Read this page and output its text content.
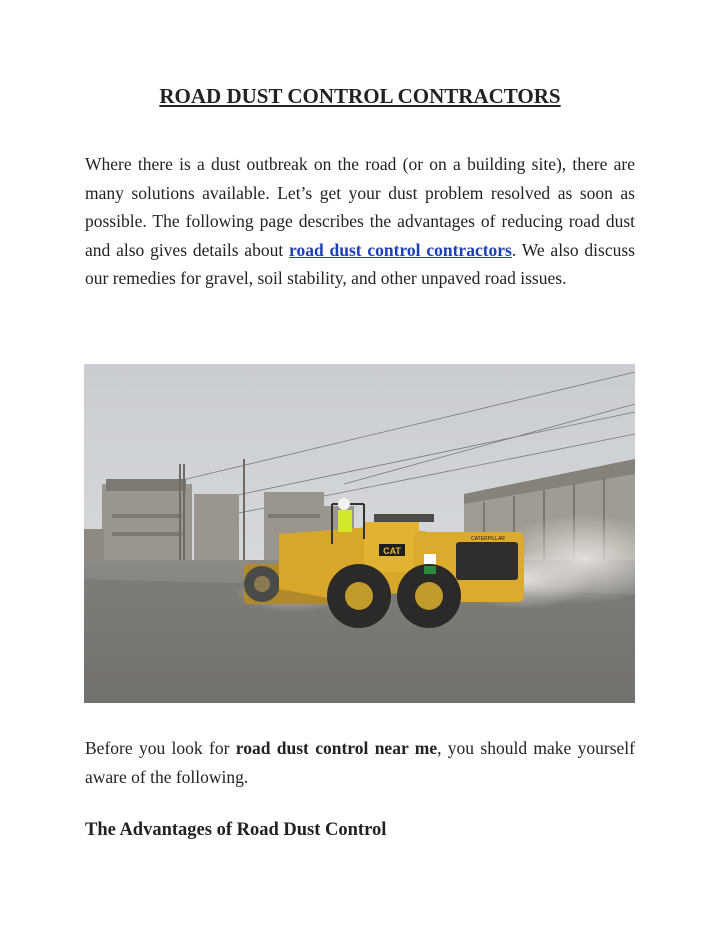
ROAD DUST CONTROL CONTRACTORS

Where there is a dust outbreak on the road (or on a building site), there are many solutions available. Let’s get your dust problem resolved as soon as possible. The following page describes the advantages of reducing road dust and also gives details about road dust control contractors. We also discuss our remedies for gravel, soil stability, and other unpaved road issues.

CAT
CATERPILLAR

Before you look for road dust control near me, you should make yourself aware of the following.

The Advantages of Road Dust Control
